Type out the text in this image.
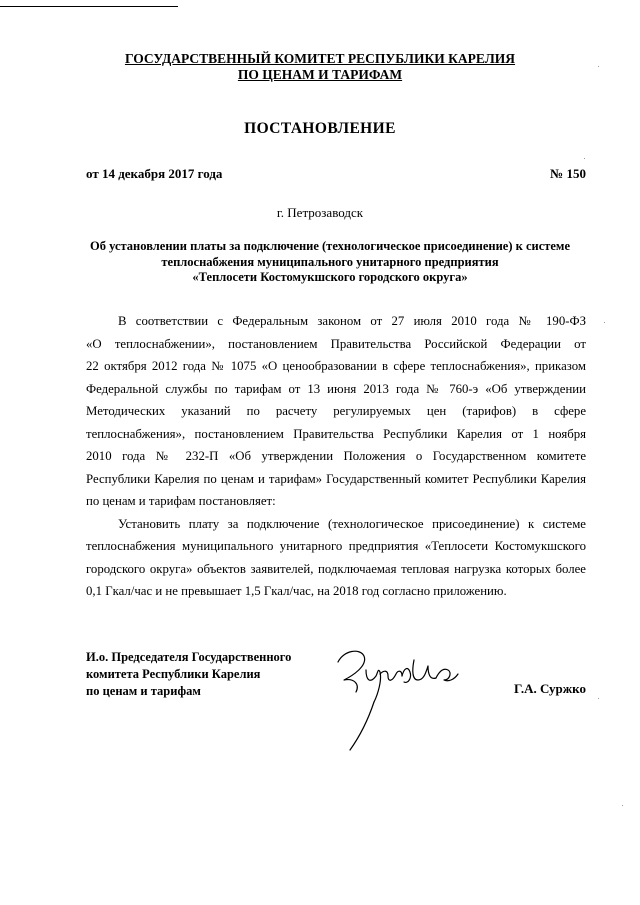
ГОСУДАРСТВЕННЫЙ КОМИТЕТ РЕСПУБЛИКИ КАРЕЛИЯ
ПО ЦЕНАМ И ТАРИФАМ
ПОСТАНОВЛЕНИЕ
от 14 декабря 2017 года	№ 150
г. Петрозаводск
Об установлении платы за подключение (технологическое присоединение) к системе
теплоснабжения муниципального унитарного предприятия
«Теплосети Костомукшского городского округа»
В соответствии с Федеральным законом от 27 июля 2010 года № 190-ФЗ
«О теплоснабжении», постановлением Правительства Российской Федерации от
22 октября 2012 года № 1075 «О ценообразовании в сфере теплоснабжения», приказом
Федеральной службы по тарифам от 13 июня 2013 года № 760-э «Об утверждении
Методических указаний по расчету регулируемых цен (тарифов) в сфере
теплоснабжения», постановлением Правительства Республики Карелия от 1 ноября
2010 года № 232-П «Об утверждении Положения о Государственном комитете
Республики Карелия по ценам и тарифам» Государственный комитет Республики Карелия
по ценам и тарифам постановляет:
Установить плату за подключение (технологическое присоединение) к системе
теплоснабжения муниципального унитарного предприятия «Теплосети Костомукшского
городского округа» объектов заявителей, подключаемая тепловая нагрузка которых более
0,1 Гкал/час и не превышает 1,5 Гкал/час, на 2018 год согласно приложению.
И.о. Председателя Государственного
комитета Республики Карелия
по ценам и тарифам	Г.А. Суржко
